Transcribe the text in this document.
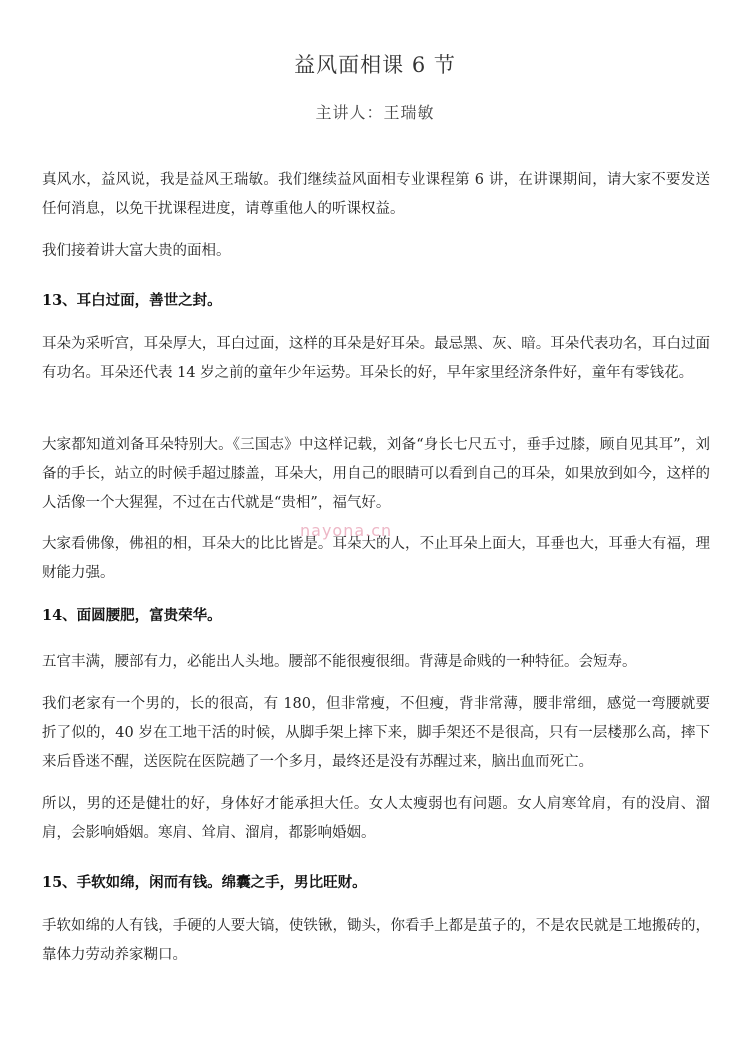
益风面相课 6 节
主讲人：王瑞敏

真风水，益风说，我是益风王瑞敏。我们继续益风面相专业课程第 6 讲，在讲课期间，请大家不要发送任何消息，以免干扰课程进度，请尊重他人的听课权益。

我们接着讲大富大贵的面相。

13、耳白过面，善世之封。

耳朵为采听宫，耳朵厚大，耳白过面，这样的耳朵是好耳朵。最忌黑、灰、暗。耳朵代表功名，耳白过面有功名。耳朵还代表 14 岁之前的童年少年运势。耳朵长的好，早年家里经济条件好，童年有零钱花。

大家都知道刘备耳朵特别大。《三国志》中这样记载，刘备“身长七尺五寸，垂手过膝，顾自见其耳”，刘备的手长，站立的时候手超过膝盖，耳朵大，用自己的眼睛可以看到自己的耳朵，如果放到如今，这样的人活像一个大猩猩，不过在古代就是“贵相”，福气好。

大家看佛像，佛祖的相，耳朵大的比比皆是。耳朵大的人，不止耳朵上面大，耳垂也大，耳垂大有福，理财能力强。

14、面圆腰肥，富贵荣华。

五官丰满，腰部有力，必能出人头地。腰部不能很瘦很细。背薄是命贱的一种特征。会短寿。

我们老家有一个男的，长的很高，有 180，但非常瘦，不但瘦，背非常薄，腰非常细，感觉一弯腰就要折了似的，40 岁在工地干活的时候，从脚手架上摔下来，脚手架还不是很高，只有一层楼那么高，摔下来后昏迷不醒，送医院在医院趟了一个多月，最终还是没有苏醒过来，脑出血而死亡。

所以，男的还是健壮的好，身体好才能承担大任。女人太瘦弱也有问题。女人肩寒耸肩，有的没肩、溜肩，会影响婚姻。寒肩、耸肩、溜肩，都影响婚姻。

15、手软如绵，闲而有钱。绵囊之手，男比旺财。

手软如绵的人有钱，手硬的人要大镐，使铁锹，锄头，你看手上都是茧子的，不是农民就是工地搬砖的，靠体力劳动养家糊口。

nayona.cn
